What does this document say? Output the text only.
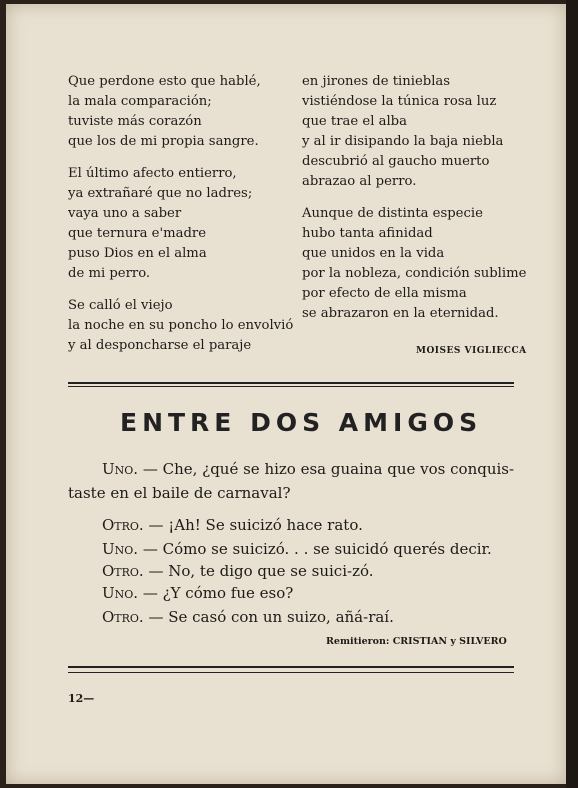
Que perdone esto que hablé,
la mala comparación;
tuviste más corazón
que los de mi propia sangre.
El último afecto entierro,
ya extrañaré que no ladres;
vaya uno a saber
que ternura e'madre
puso Dios en el alma
de mi perro.
Se calló el viejo
la noche en su poncho lo envolvió
y al desponcharse el paraje
en jirones de tinieblas
vistiéndose la túnica rosa luz
que trae el alba
y al ir disipando la baja niebla
descubrió al gaucho muerto
abrazao al perro.
Aunque de distinta especie
hubo tanta afinidad
que unidos en la vida
por la nobleza, condición sublime
por efecto de ella misma
se abrazaron en la eternidad.
MOISES VIGLIECCA
ENTRE DOS AMIGOS
Uno. — Che, ¿qué se hizo esa guaina que vos conquis-
taste en el baile de carnaval?
Otro. — ¡Ah! Se suicizó hace rato.
Uno. — Cómo se suicizó. . . se suicidó querés decir.
Otro. — No, te digo que se suici-zó.
Uno. — ¿Y cómo fue eso?
Otro. — Se casó con un suizo, añá-raí.
Remitieron: CRISTIAN y SILVERO
12—
